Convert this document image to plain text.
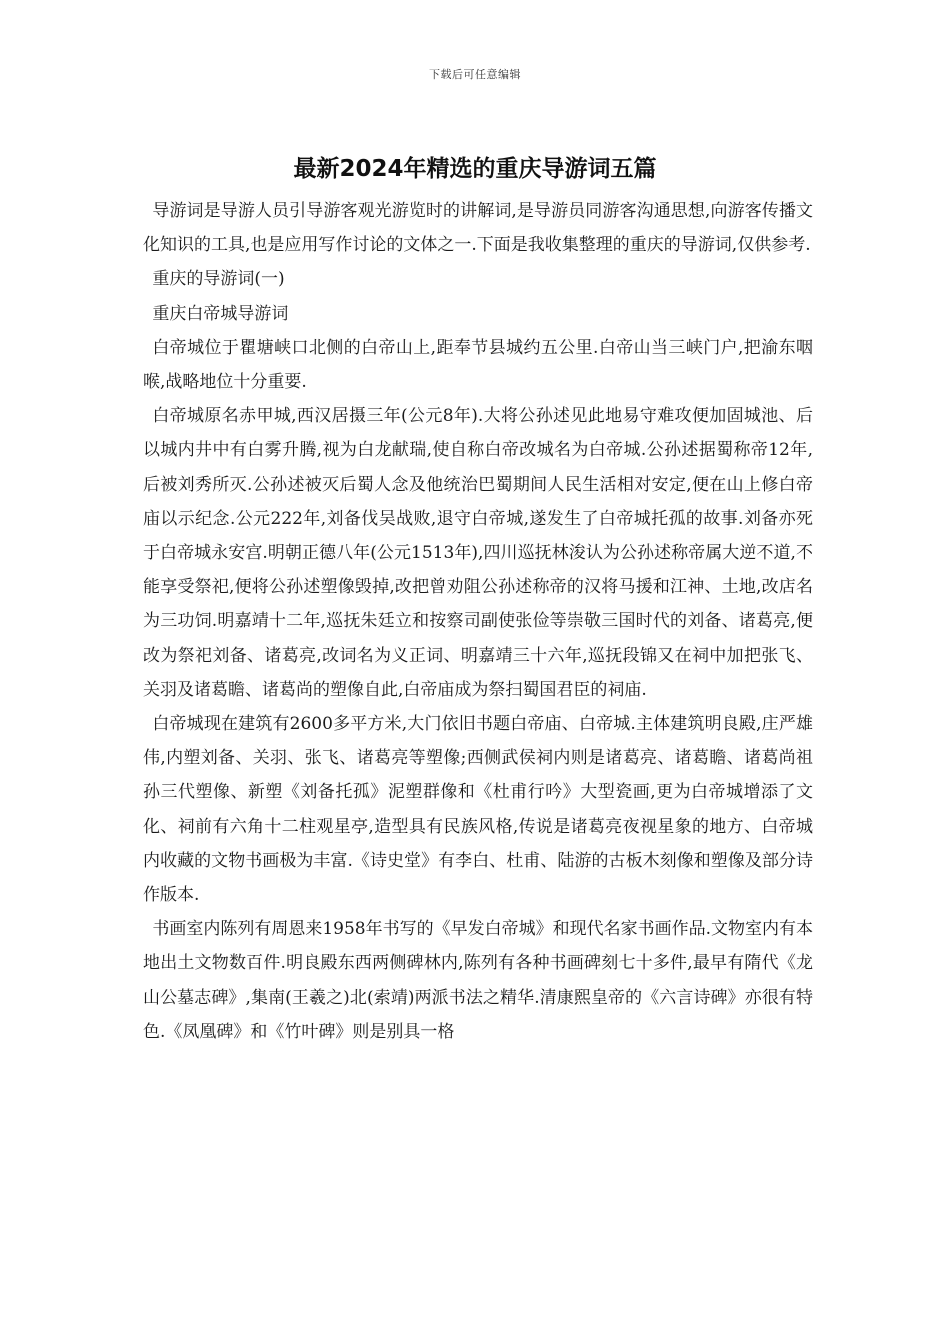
下载后可任意编辑
最新2024年精选的重庆导游词五篇

导游词是导游人员引导游客观光游览时的讲解词,是导游员同游客沟通思想,向游客传播文化知识的工具,也是应用写作讨论的文体之一.下面是我收集整理的重庆的导游词,仅供参考.

重庆的导游词(一)

重庆白帝城导游词

白帝城位于瞿塘峡口北侧的白帝山上,距奉节县城约五公里.白帝山当三峡门户,把渝东咽喉,战略地位十分重要.

白帝城原名赤甲城,西汉居摄三年(公元8年).大将公孙述见此地易守难攻便加固城池、后以城内井中有白雾升腾,视为白龙献瑞,使自称白帝改城名为白帝城.公孙述据蜀称帝12年,后被刘秀所灭.公孙述被灭后蜀人念及他统治巴蜀期间人民生活相对安定,便在山上修白帝庙以示纪念.公元222年,刘备伐吴战败,退守白帝城,遂发生了白帝城托孤的故事.刘备亦死于白帝城永安宫.明朝正德八年(公元1513年),四川巡抚林浚认为公孙述称帝属大逆不道,不能享受祭祀,便将公孙述塑像毁掉,改把曾劝阻公孙述称帝的汉将马援和江神、土地,改店名为三功饲.明嘉靖十二年,巡抚朱廷立和按察司副使张俭等崇敬三国时代的刘备、诸葛亮,便改为祭祀刘备、诸葛亮,改词名为义正词、明嘉靖三十六年,巡抚段锦又在祠中加把张飞、关羽及诸葛瞻、诸葛尚的塑像自此,白帝庙成为祭扫蜀国君臣的祠庙.

白帝城现在建筑有2600多平方米,大门依旧书题白帝庙、白帝城.主体建筑明良殿,庄严雄伟,内塑刘备、关羽、张飞、诸葛亮等塑像;西侧武侯祠内则是诸葛亮、诸葛瞻、诸葛尚祖孙三代塑像、新塑《刘备托孤》泥塑群像和《杜甫行吟》大型瓷画,更为白帝城增添了文化、祠前有六角十二柱观星亭,造型具有民族风格,传说是诸葛亮夜视星象的地方、白帝城内收藏的文物书画极为丰富.《诗史堂》有李白、杜甫、陆游的古板木刻像和塑像及部分诗作版本.

书画室内陈列有周恩来1958年书写的《早发白帝城》和现代名家书画作品.文物室内有本地出土文物数百件.明良殿东西两侧碑林内,陈列有各种书画碑刻七十多件,最早有隋代《龙山公墓志碑》,集南(王羲之)北(索靖)两派书法之精华.清康熙皇帝的《六言诗碑》亦很有特色.《凤凰碑》和《竹叶碑》则是别具一格
